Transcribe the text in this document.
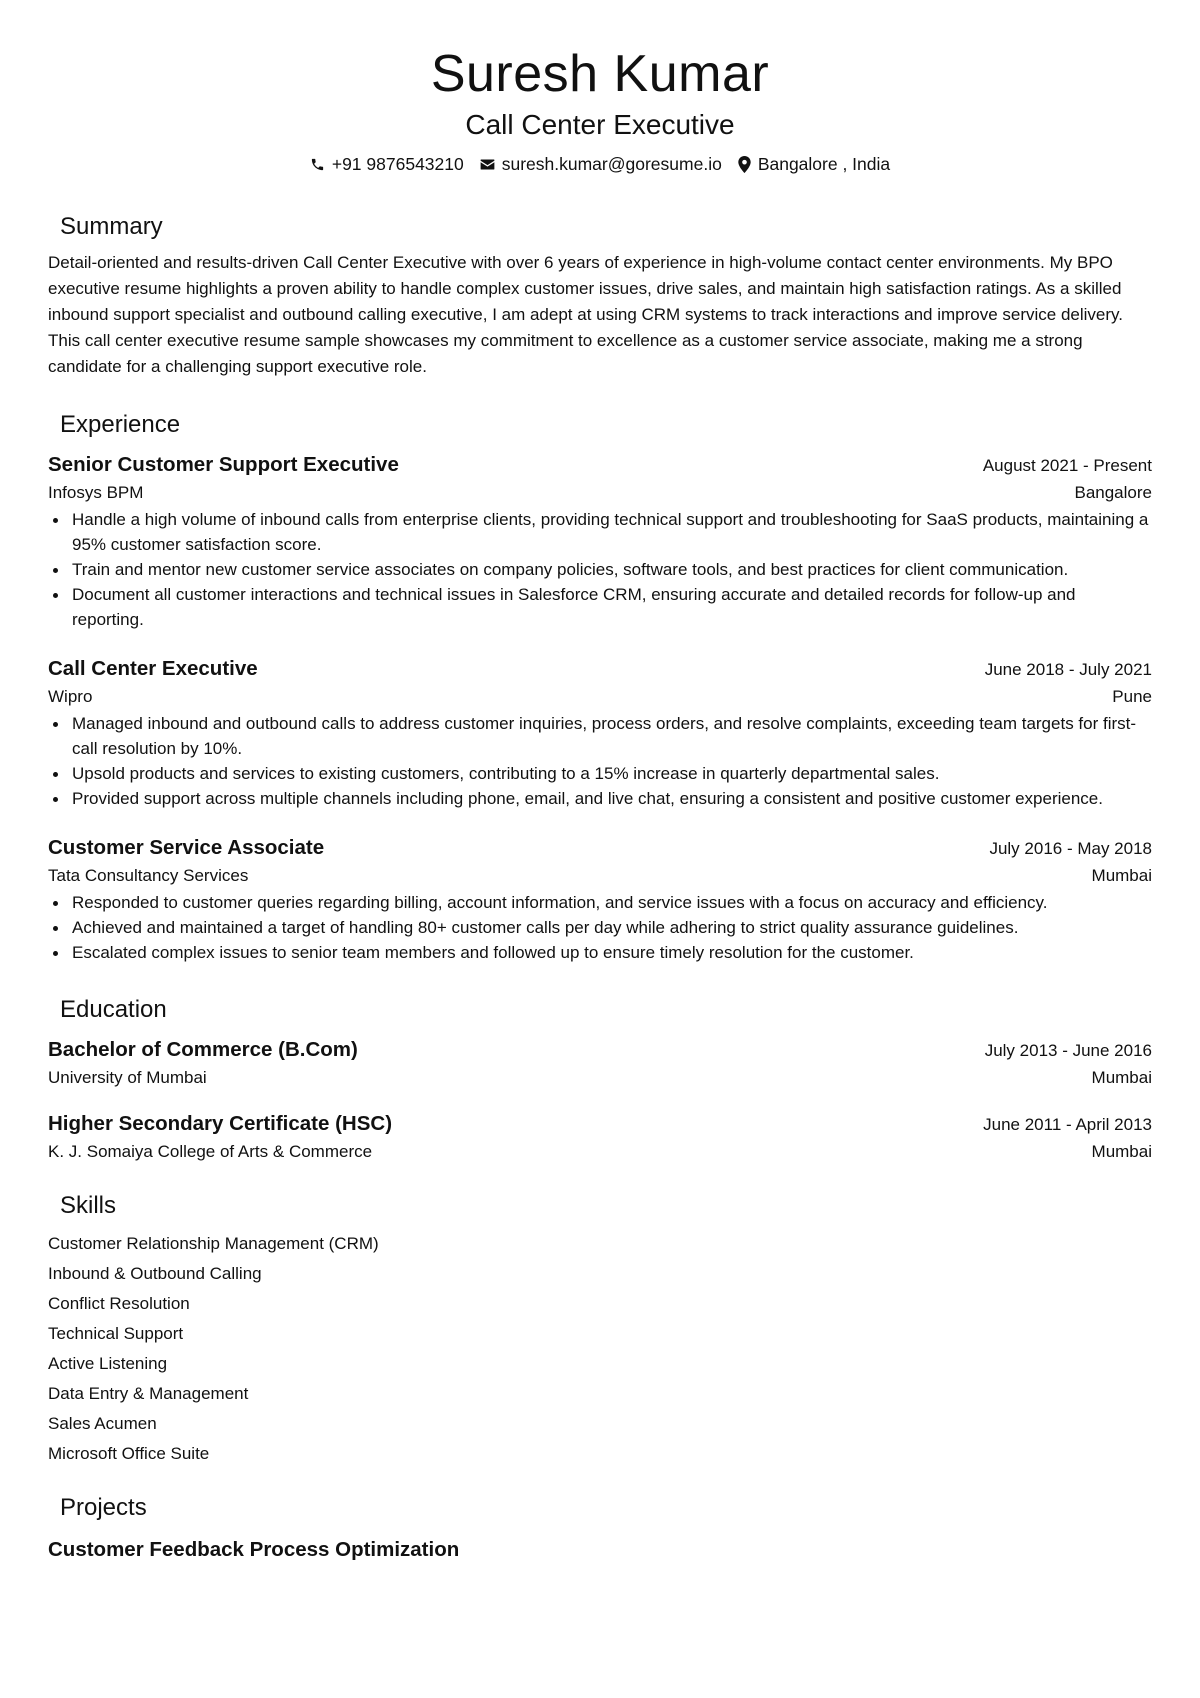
Suresh Kumar
Call Center Executive
+91 9876543210 suresh.kumar@goresume.io Bangalore , India
Summary
Detail-oriented and results-driven Call Center Executive with over 6 years of experience in high-volume contact center environments. My BPO executive resume highlights a proven ability to handle complex customer issues, drive sales, and maintain high satisfaction ratings. As a skilled inbound support specialist and outbound calling executive, I am adept at using CRM systems to track interactions and improve service delivery. This call center executive resume sample showcases my commitment to excellence as a customer service associate, making me a strong candidate for a challenging support executive role.
Experience
Senior Customer Support Executive	August 2021 - Present
Infosys BPM	Bangalore
Handle a high volume of inbound calls from enterprise clients, providing technical support and troubleshooting for SaaS products, maintaining a 95% customer satisfaction score.
Train and mentor new customer service associates on company policies, software tools, and best practices for client communication.
Document all customer interactions and technical issues in Salesforce CRM, ensuring accurate and detailed records for follow-up and reporting.
Call Center Executive	June 2018 - July 2021
Wipro	Pune
Managed inbound and outbound calls to address customer inquiries, process orders, and resolve complaints, exceeding team targets for first-call resolution by 10%.
Upsold products and services to existing customers, contributing to a 15% increase in quarterly departmental sales.
Provided support across multiple channels including phone, email, and live chat, ensuring a consistent and positive customer experience.
Customer Service Associate	July 2016 - May 2018
Tata Consultancy Services	Mumbai
Responded to customer queries regarding billing, account information, and service issues with a focus on accuracy and efficiency.
Achieved and maintained a target of handling 80+ customer calls per day while adhering to strict quality assurance guidelines.
Escalated complex issues to senior team members and followed up to ensure timely resolution for the customer.
Education
Bachelor of Commerce (B.Com)	July 2013 - June 2016
University of Mumbai	Mumbai
Higher Secondary Certificate (HSC)	June 2011 - April 2013
K. J. Somaiya College of Arts & Commerce	Mumbai
Skills
Customer Relationship Management (CRM)
Inbound & Outbound Calling
Conflict Resolution
Technical Support
Active Listening
Data Entry & Management
Sales Acumen
Microsoft Office Suite
Projects
Customer Feedback Process Optimization
